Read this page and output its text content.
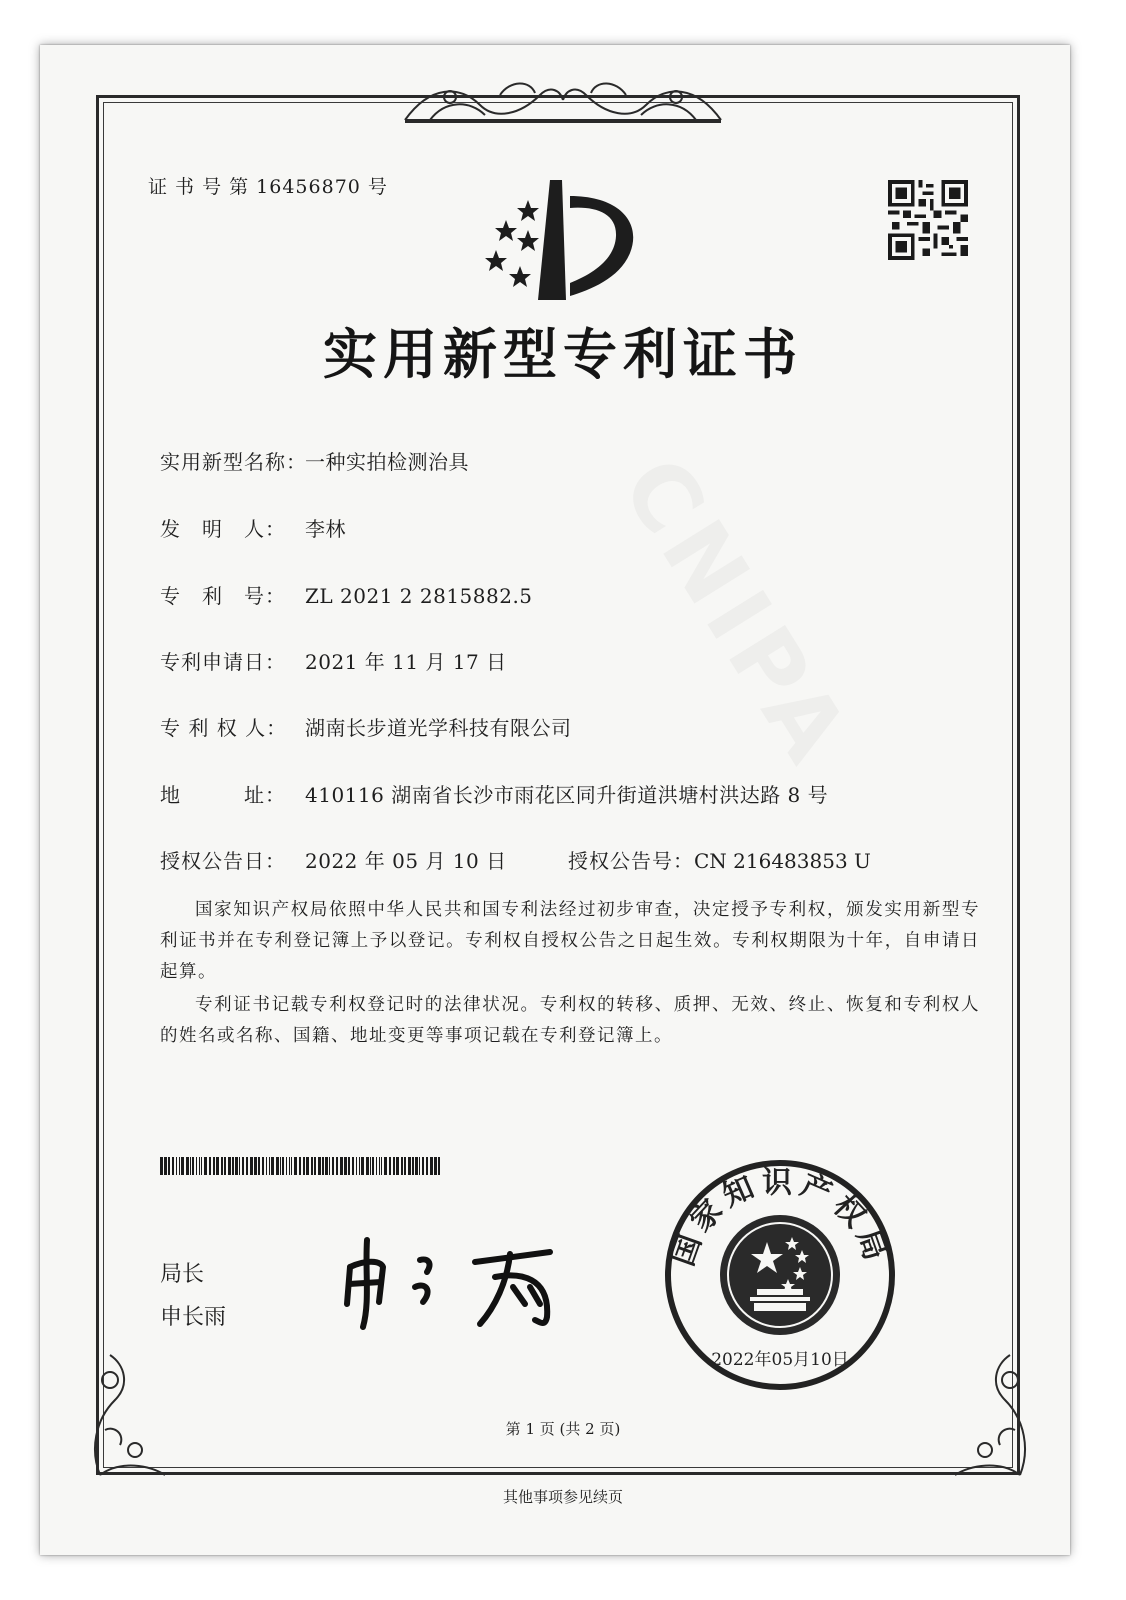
证 书 号 第 16456870 号
实用新型专利证书
实用新型名称：一种实拍检测治具
发　明　人： 李林
专　利　号： ZL 2021 2 2815882.5
专利申请日： 2021 年 11 月 17 日
专 利 权 人： 湖南长步道光学科技有限公司
地　　　址： 410116 湖南省长沙市雨花区同升街道洪塘村洪达路 8 号
授权公告日： 2022 年 05 月 10 日	授权公告号：CN 216483853 U
国家知识产权局依照中华人民共和国专利法经过初步审查，决定授予专利权，颁发实用新型专利证书并在专利登记簿上予以登记。专利权自授权公告之日起生效。专利权期限为十年，自申请日起算。
专利证书记载专利权登记时的法律状况。专利权的转移、质押、无效、终止、恢复和专利权人的姓名或名称、国籍、地址变更等事项记载在专利登记簿上。
局长
申长雨
国家知识产权局
2022年05月10日
第 1 页 (共 2 页)
其他事项参见续页
